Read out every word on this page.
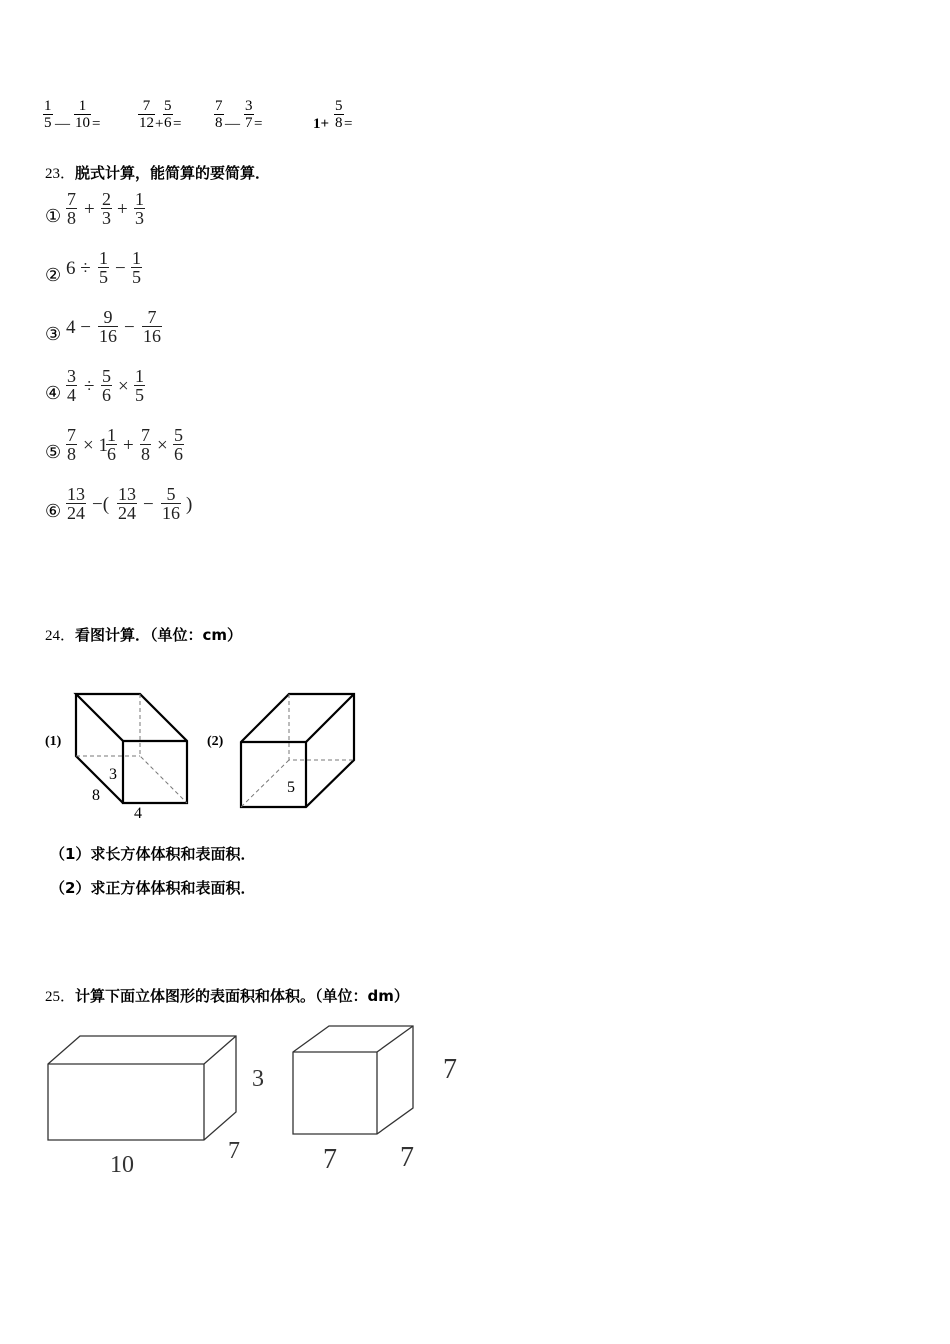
$\frac{1}{5}$ — $\frac{1}{10}$ =	$\frac{7}{12} + \frac{5}{6} = \frac{7}{8}$ — $\frac{3}{7}$ =	$1+ \frac{5}{8}$ =
23．脱式计算，能简算的要简算．
①
7
8 + 2
3 + 1
3
② 6 ÷ 1
5 − 1
5
③ 4 − 9
16 − 7
16
④
3
4 ÷ 5
6 × 1
5
⑤
7
8 × 1 1
6 + 7
8 × 5
6
⑥
13
24 −( 13
24 − 5
16 )
24．看图计算．（单位：cm）
(1)
3
8
4
(2)
5
（1）求长方体体积和表面积．
（2）求正方体体积和表面积．
25．计算下面立体图形的表面积和体积。（单位：dm）
3
10
7
7
7 7
